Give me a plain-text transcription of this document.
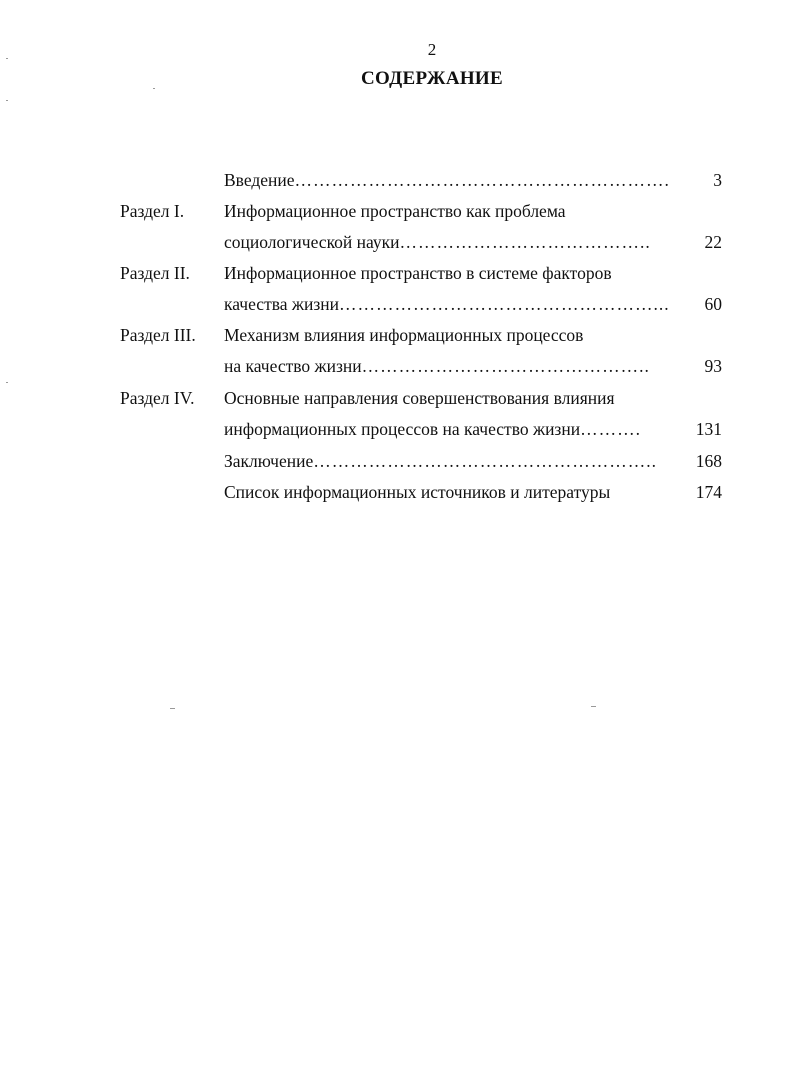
2
СОДЕРЖАНИЕ
Введение …………………………………………………….	3
Раздел I. Информационное пространство как проблема
социологической науки …………………………………..	22
Раздел II. Информационное пространство в системе факторов
качества жизни ……………………………………………...	60
Раздел III. Механизм влияния информационных процессов
на качество жизни ………………………………………..	93
Раздел IV. Основные направления совершенствования влияния
информационных процессов на качество жизни ……….	131
Заключение ………………………………………………..	168
Список информационных источников и литературы	174
